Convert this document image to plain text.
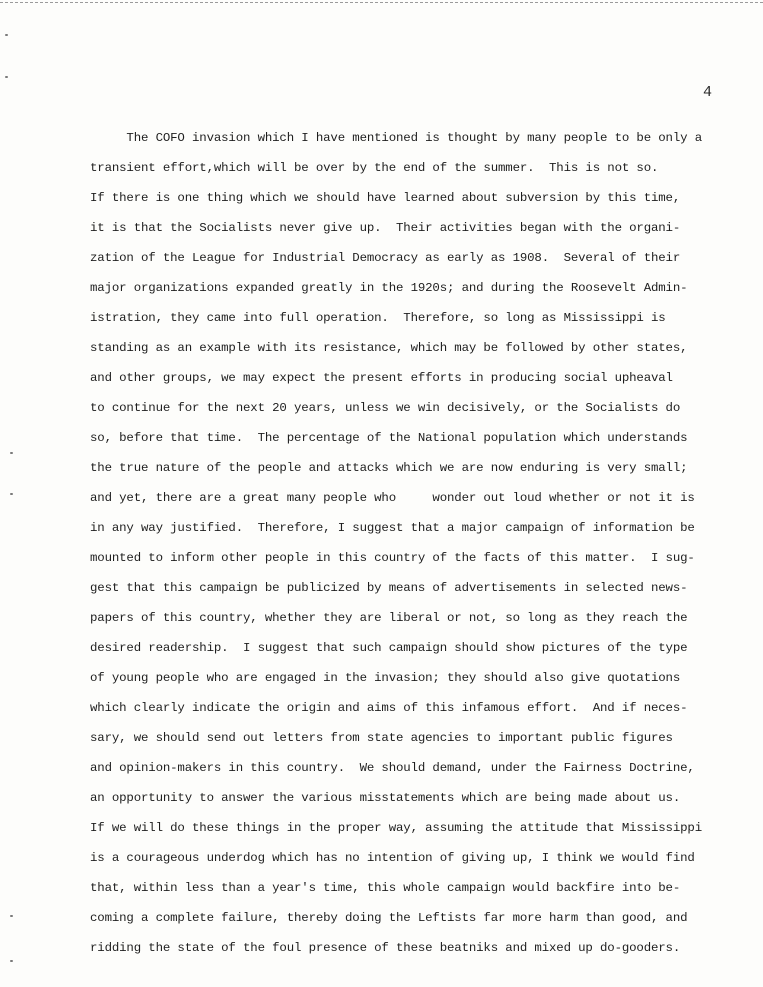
4
The COFO invasion which I have mentioned is thought by many people to be only a
transient effort,which will be over by the end of the summer.  This is not so.
If there is one thing which we should have learned about subversion by this time,
it is that the Socialists never give up.  Their activities began with the organi-
zation of the League for Industrial Democracy as early as 1908.  Several of their
major organizations expanded greatly in the 1920s; and during the Roosevelt Admin-
istration, they came into full operation.  Therefore, so long as Mississippi is
standing as an example with its resistance, which may be followed by other states,
and other groups, we may expect the present efforts in producing social upheaval
to continue for the next 20 years, unless we win decisively, or the Socialists do
so, before that time.  The percentage of the National population which understands
the true nature of the people and attacks which we are now enduring is very small;
and yet, there are a great many people who     wonder out loud whether or not it is
in any way justified.  Therefore, I suggest that a major campaign of information be
mounted to inform other people in this country of the facts of this matter.  I sug-
gest that this campaign be publicized by means of advertisements in selected news-
papers of this country, whether they are liberal or not, so long as they reach the
desired readership.  I suggest that such campaign should show pictures of the type
of young people who are engaged in the invasion; they should also give quotations
which clearly indicate the origin and aims of this infamous effort.  And if neces-
sary, we should send out letters from state agencies to important public figures
and opinion-makers in this country.  We should demand, under the Fairness Doctrine,
an opportunity to answer the various misstatements which are being made about us.
If we will do these things in the proper way, assuming the attitude that Mississippi
is a courageous underdog which has no intention of giving up, I think we would find
that, within less than a year's time, this whole campaign would backfire into be-
coming a complete failure, thereby doing the Leftists far more harm than good, and
ridding the state of the foul presence of these beatniks and mixed up do-gooders.
